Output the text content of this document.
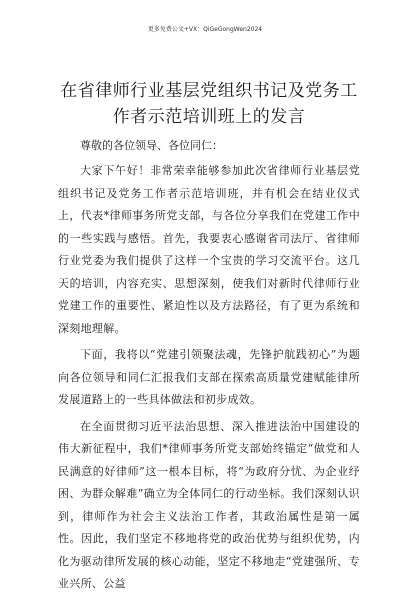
更多免费公文+VX：QiGeGongWen2024
在省律师行业基层党组织书记及党务工作者示范培训班上的发言

尊敬的各位领导、各位同仁：

大家下午好！非常荣幸能够参加此次省律师行业基层党组织书记及党务工作者示范培训班，并有机会在结业仪式上，代表*律师事务所党支部，与各位分享我们在党建工作中的一些实践与感悟。首先，我要衷心感谢省司法厅、省律师行业党委为我们提供了这样一个宝贵的学习交流平台。这几天的培训，内容充实、思想深刻，使我们对新时代律师行业党建工作的重要性、紧迫性以及方法路径，有了更为系统和深刻地理解。

下面，我将以“党建引领聚法魂，先锋护航践初心”为题向各位领导和同仁汇报我们支部在探索高质量党建赋能律所发展道路上的一些具体做法和初步成效。

在全面贯彻习近平法治思想、深入推进法治中国建设的伟大新征程中，我们*律师事务所党支部始终锚定“做党和人民满意的好律师”这一根本目标，将“为政府分忧、为企业纾困、为群众解难”确立为全体同仁的行动坐标。我们深刻认识到，律师作为社会主义法治工作者，其政治属性是第一属性。因此，我们坚定不移地将党的政治优势与组织优势，内化为驱动律所发展的核心动能，坚定不移地走“党建强所、专业兴所、公益
